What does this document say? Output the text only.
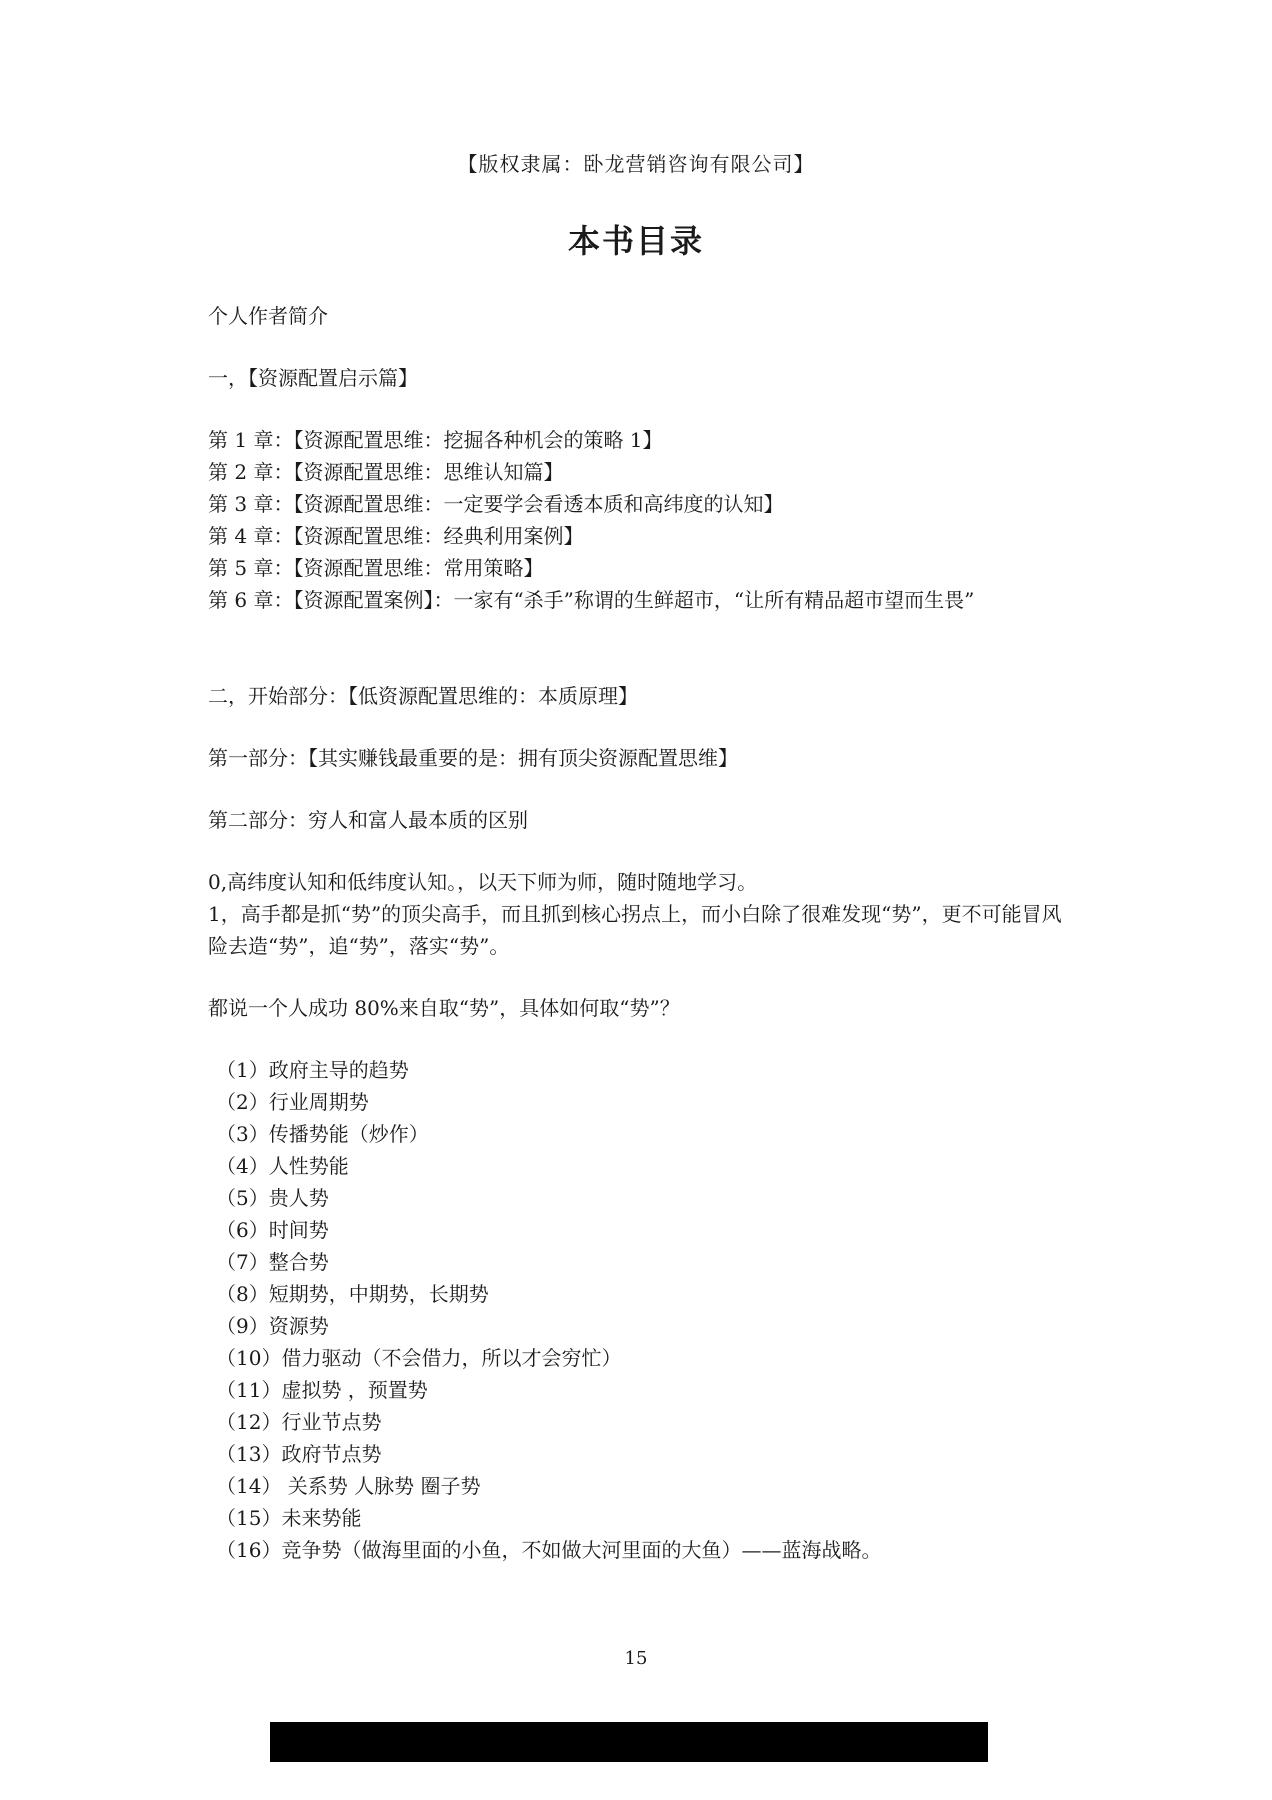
【版权隶属：卧龙营销咨询有限公司】
本书目录
个人作者简介
一，【资源配置启示篇】
第 1 章：【资源配置思维：挖掘各种机会的策略 1】
第 2 章：【资源配置思维：思维认知篇】
第 3 章：【资源配置思维：一定要学会看透本质和高纬度的认知】
第 4 章：【资源配置思维：经典利用案例】
第 5 章：【资源配置思维：常用策略】
第 6 章：【资源配置案例】：一家有“杀手”称谓的生鲜超市，“让所有精品超市望而生畏”
二，开始部分：【低资源配置思维的：本质原理】
第一部分：【其实赚钱最重要的是：拥有顶尖资源配置思维】
第二部分：穷人和富人最本质的区别
0,高纬度认知和低纬度认知。，以天下师为师，随时随地学习。
1，高手都是抓“势”的顶尖高手，而且抓到核心拐点上，而小白除了很难发现“势”，更不可能冒风险去造“势”，追“势”，落实“势”。
都说一个人成功 80%来自取“势”，具体如何取“势”？
（1）政府主导的趋势
（2）行业周期势
（3）传播势能（炒作）
（4）人性势能
（5）贵人势
（6）时间势
（7）整合势
（8）短期势，中期势，长期势
（9）资源势
（10）借力驱动（不会借力，所以才会穷忙）
（11）虚拟势 ，预置势
（12）行业节点势
（13）政府节点势
（14） 关系势 人脉势 圈子势
（15）未来势能
（16）竞争势（做海里面的小鱼，不如做大河里面的大鱼）——蓝海战略。
15
